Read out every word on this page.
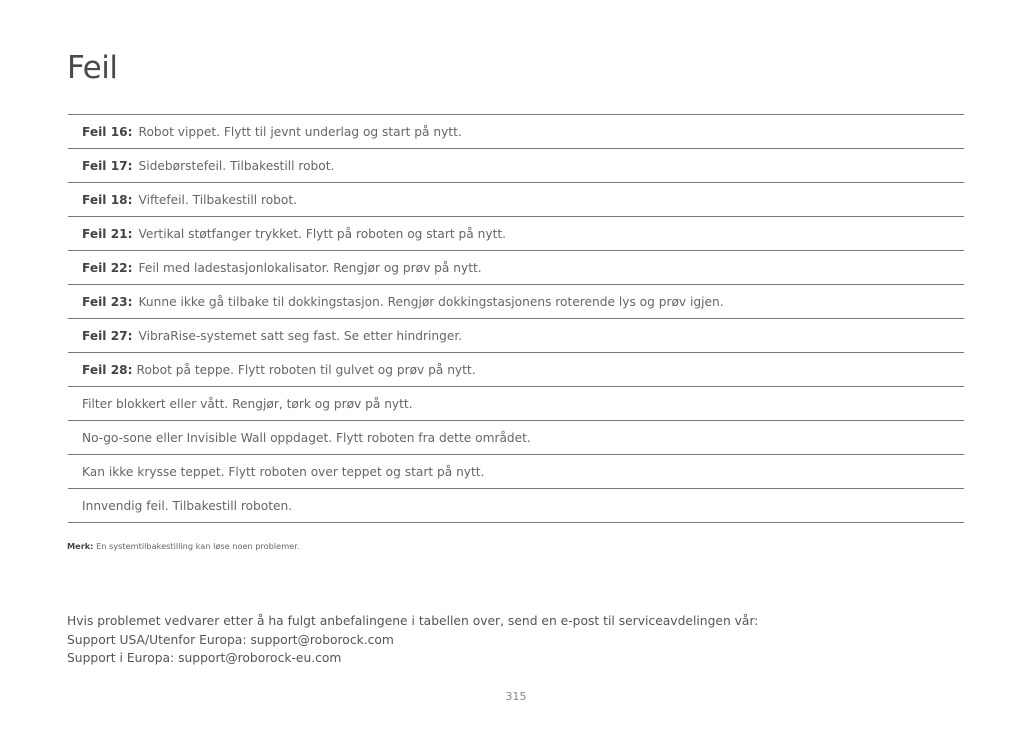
Feil
Feil 16: Robot vippet. Flytt til jevnt underlag og start på nytt.
Feil 17: Sidebørstefeil. Tilbakestill robot.
Feil 18: Viftefeil. Tilbakestill robot.
Feil 21: Vertikal støtfanger trykket. Flytt på roboten og start på nytt.
Feil 22: Feil med ladestasjonlokalisator. Rengjør og prøv på nytt.
Feil 23: Kunne ikke gå tilbake til dokkingstasjon. Rengjør dokkingstasjonens roterende lys og prøv igjen.
Feil 27: VibraRise-systemet satt seg fast. Se etter hindringer.
Feil 28: Robot på teppe. Flytt roboten til gulvet og prøv på nytt.
Filter blokkert eller vått. Rengjør, tørk og prøv på nytt.
No-go-sone eller Invisible Wall oppdaget. Flytt roboten fra dette området.
Kan ikke krysse teppet. Flytt roboten over teppet og start på nytt.
Innvendig feil. Tilbakestill roboten.
Merk: En systemtilbakestilling kan løse noen problemer.
Hvis problemet vedvarer etter å ha fulgt anbefalingene i tabellen over, send en e-post til serviceavdelingen vår:
Support USA/Utenfor Europa: support@roborock.com
Support i Europa: support@roborock-eu.com
315
